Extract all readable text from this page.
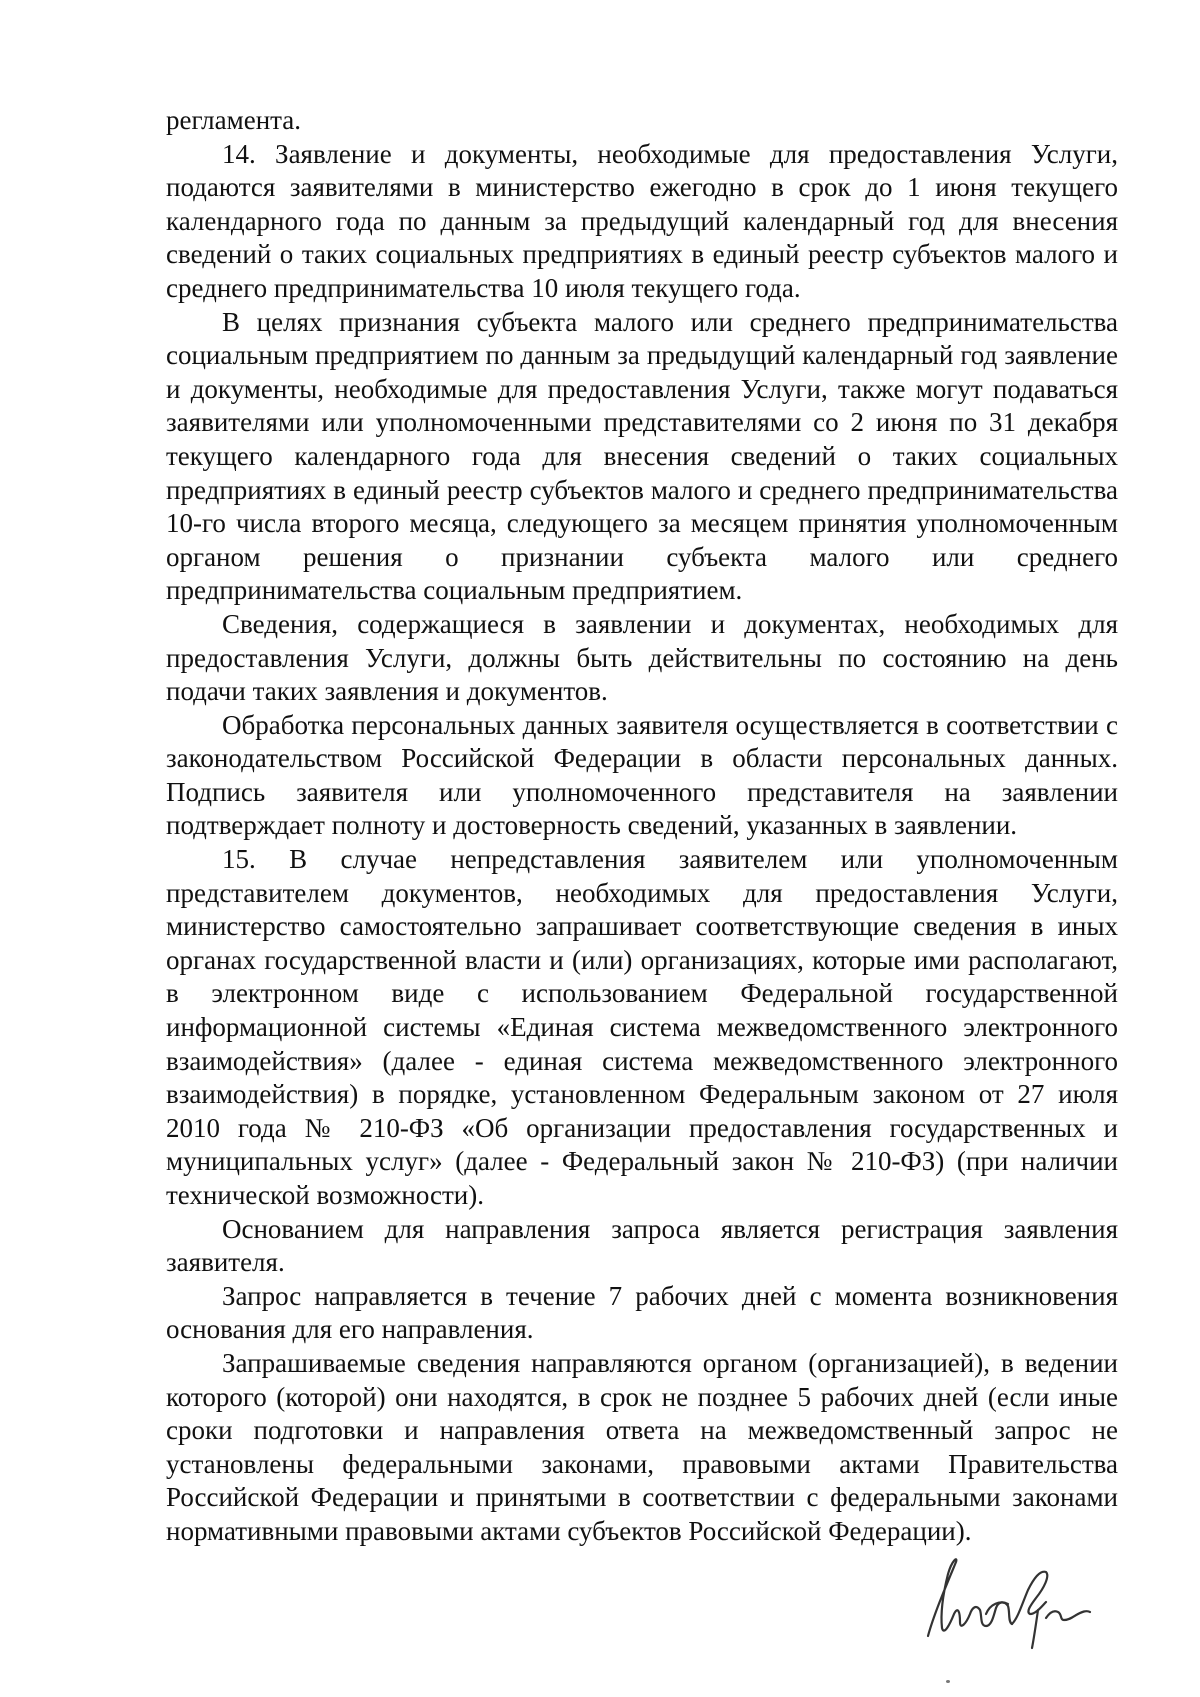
регламента.

14. Заявление и документы, необходимые для предоставления Услуги, подаются заявителями в министерство ежегодно в срок до 1 июня текущего календарного года по данным за предыдущий календарный год для внесения сведений о таких социальных предприятиях в единый реестр субъектов малого и среднего предпринимательства 10 июля текущего года.

В целях признания субъекта малого или среднего предпринимательства социальным предприятием по данным за предыдущий календарный год заявление и документы, необходимые для предоставления Услуги, также могут подаваться заявителями или уполномоченными представителями со 2 июня по 31 декабря текущего календарного года для внесения сведений о таких социальных предприятиях в единый реестр субъектов малого и среднего предпринимательства 10-го числа второго месяца, следующего за месяцем принятия уполномоченным органом решения о признании субъекта малого или среднего предпринимательства социальным предприятием.

Сведения, содержащиеся в заявлении и документах, необходимых для предоставления Услуги, должны быть действительны по состоянию на день подачи таких заявления и документов.

Обработка персональных данных заявителя осуществляется в соответствии с законодательством Российской Федерации в области персональных данных. Подпись заявителя или уполномоченного представителя на заявлении подтверждает полноту и достоверность сведений, указанных в заявлении.

15. В случае непредставления заявителем или уполномоченным представителем документов, необходимых для предоставления Услуги, министерство самостоятельно запрашивает соответствующие сведения в иных органах государственной власти и (или) организациях, которые ими располагают, в электронном виде с использованием Федеральной государственной информационной системы «Единая система межведомственного электронного взаимодействия» (далее - единая система межведомственного электронного взаимодействия) в порядке, установленном Федеральным законом от 27 июля 2010 года № 210-ФЗ «Об организации предоставления государственных и муниципальных услуг» (далее - Федеральный закон № 210-ФЗ) (при наличии технической возможности).

Основанием для направления запроса является регистрация заявления заявителя.

Запрос направляется в течение 7 рабочих дней с момента возникновения основания для его направления.

Запрашиваемые сведения направляются органом (организацией), в ведении которого (которой) они находятся, в срок не позднее 5 рабочих дней (если иные сроки подготовки и направления ответа на межведомственный запрос не установлены федеральными законами, правовыми актами Правительства Российской Федерации и принятыми в соответствии с федеральными законами нормативными правовыми актами субъектов Российской Федерации).
